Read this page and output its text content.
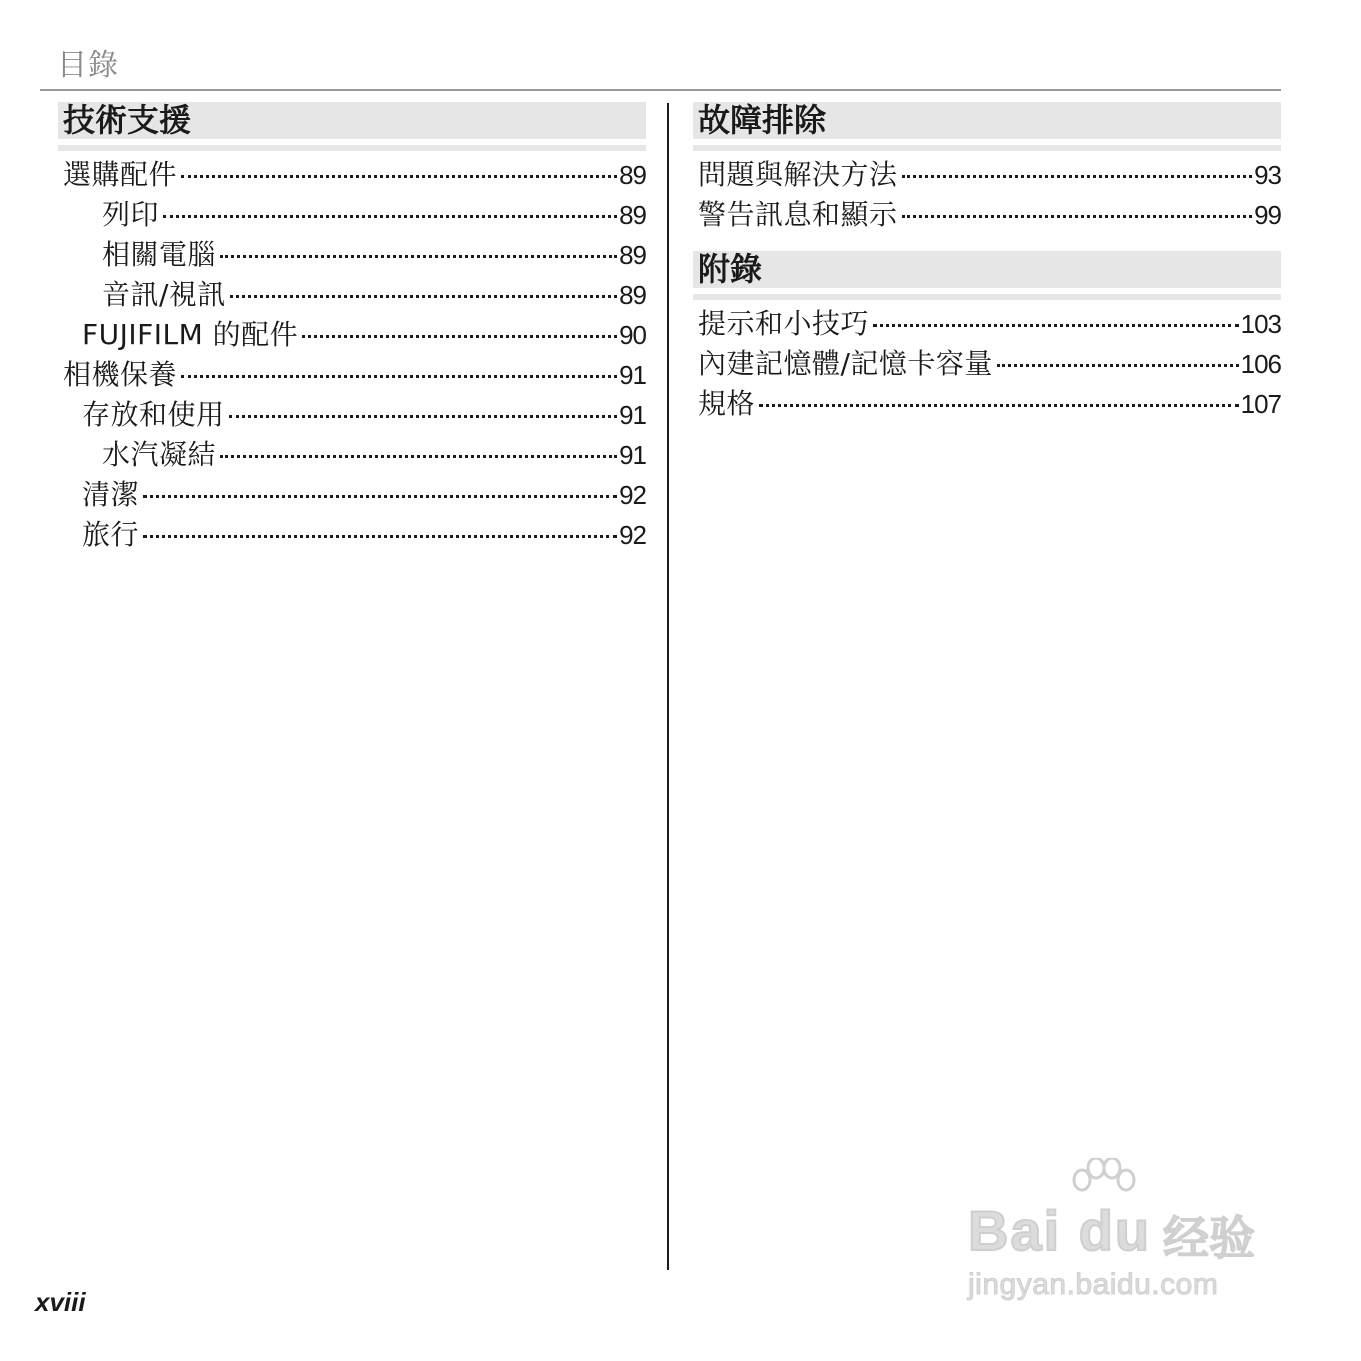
目錄
技術支援
選購配件	89
列印	89
相關電腦	89
音訊/視訊	89
FUJIFILM 的配件	90
相機保養	91
存放和使用	91
水汽凝結	91
清潔	92
旅行	92
故障排除
問題與解決方法	93
警告訊息和顯示	99
附錄
提示和小技巧	103
內建記憶體/記憶卡容量	106
規格	107
xviii
Bai du 经验
jingyan.baidu.com
